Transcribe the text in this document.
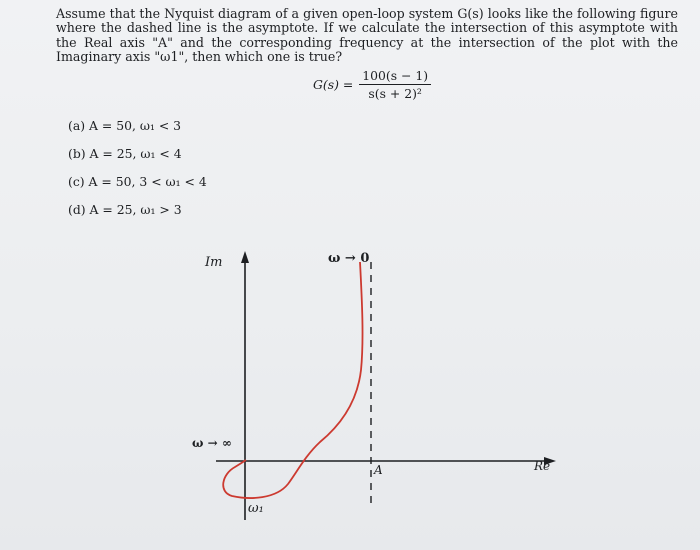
Assume that the Nyquist diagram of a given open-loop system G(s) looks like the following figure where the dashed line is the asymptote. If we calculate the intersection of this asymptote with the Real axis "A" and the corresponding frequency at the intersection of the plot with the Imaginary axis "ω1", then which one is true?
$G(s) = \frac{100(s - 1)}{\text{s(s + 2)²}}$
(a) A = 50, ω₁ < 3
(b) A = 25, ω₁ < 4
(c) A = 50, 3 < ω₁ < 4
(d) A = 25, ω₁ > 3
Im
Re
ω → 0
ω → ∞
A
ω₁
